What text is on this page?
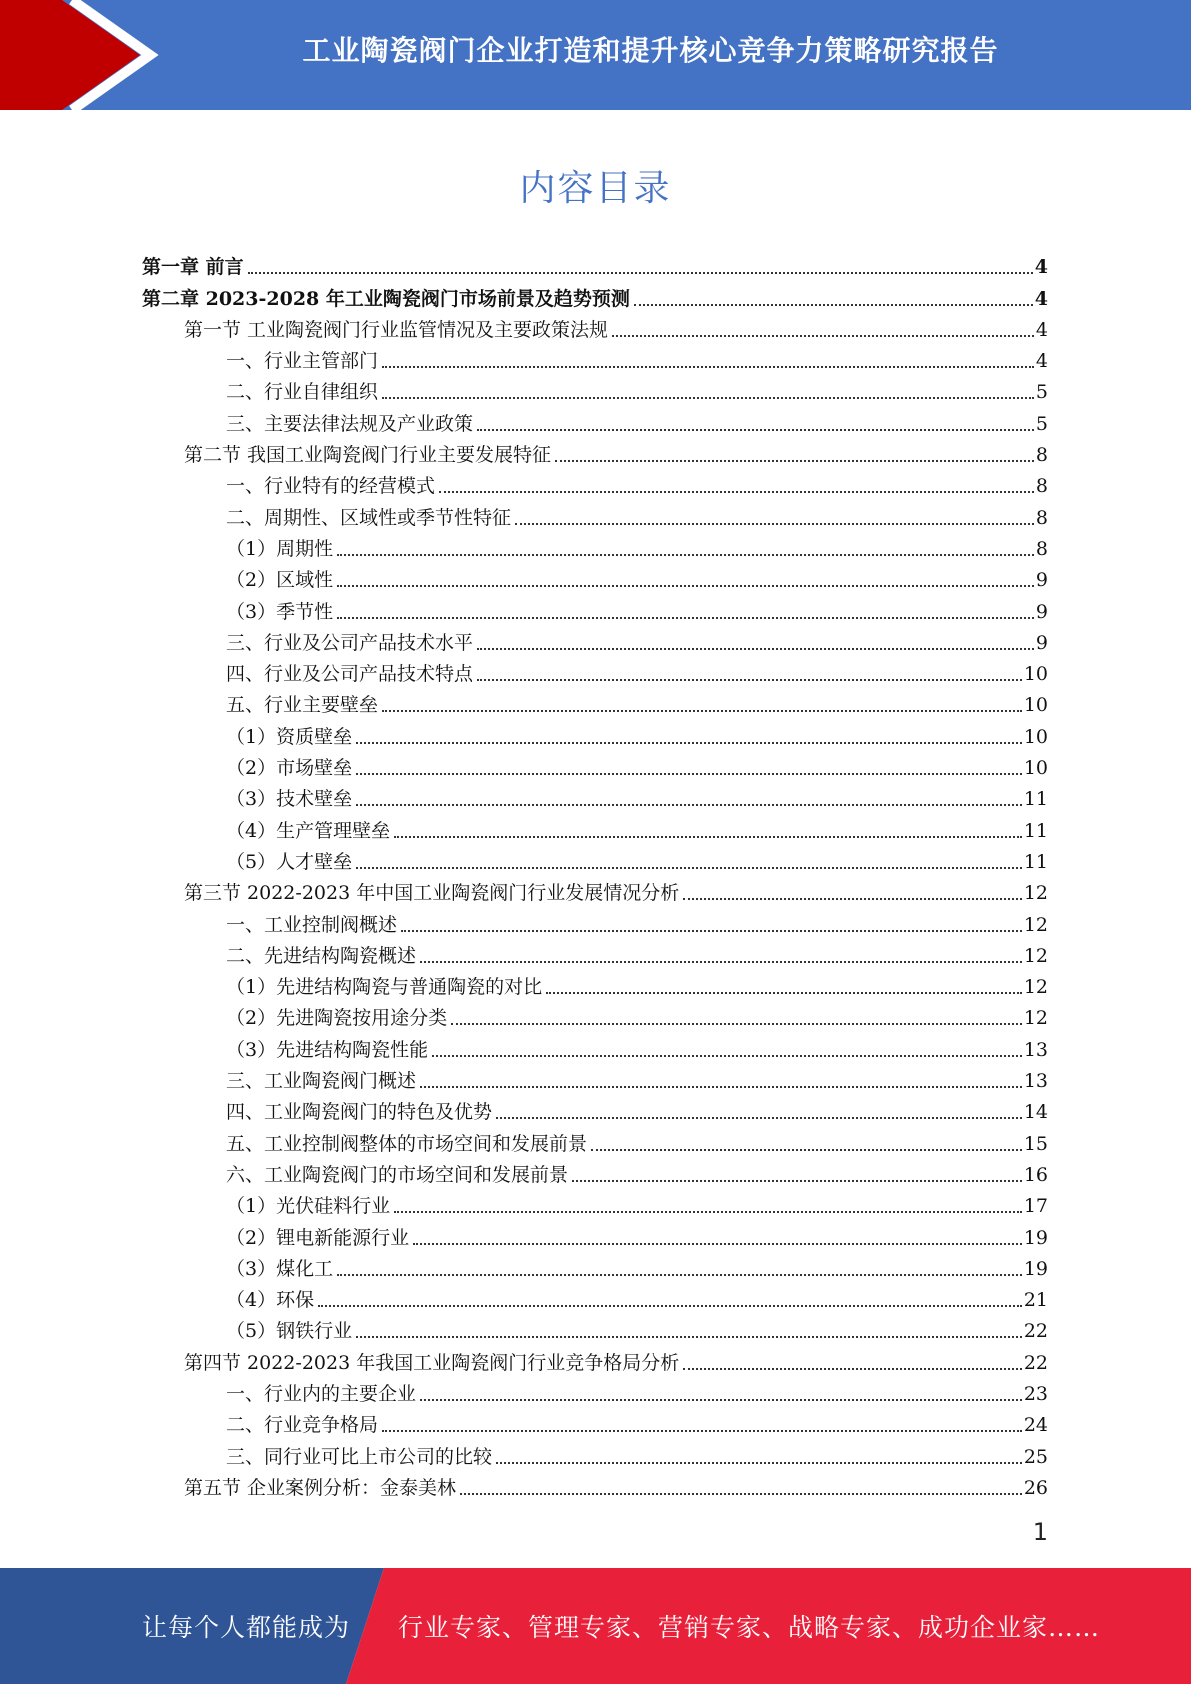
工业陶瓷阀门企业打造和提升核心竞争力策略研究报告
内容目录
第一章 前言	4
第二章 2023-2028 年工业陶瓷阀门市场前景及趋势预测	4
第一节 工业陶瓷阀门行业监管情况及主要政策法规	4
一、行业主管部门	4
二、行业自律组织	5
三、主要法律法规及产业政策	5
第二节 我国工业陶瓷阀门行业主要发展特征	8
一、行业特有的经营模式	8
二、周期性、区域性或季节性特征	8
（1）周期性	8
（2）区域性	9
（3）季节性	9
三、行业及公司产品技术水平	9
四、行业及公司产品技术特点	10
五、行业主要壁垒	10
（1）资质壁垒	10
（2）市场壁垒	10
（3）技术壁垒	11
（4）生产管理壁垒	11
（5）人才壁垒	11
第三节 2022-2023 年中国工业陶瓷阀门行业发展情况分析	12
一、工业控制阀概述	12
二、先进结构陶瓷概述	12
（1）先进结构陶瓷与普通陶瓷的对比	12
（2）先进陶瓷按用途分类	12
（3）先进结构陶瓷性能	13
三、工业陶瓷阀门概述	13
四、工业陶瓷阀门的特色及优势	14
五、工业控制阀整体的市场空间和发展前景	15
六、工业陶瓷阀门的市场空间和发展前景	16
（1）光伏硅料行业	17
（2）锂电新能源行业	19
（3）煤化工	19
（4）环保	21
（5）钢铁行业	22
第四节 2022-2023 年我国工业陶瓷阀门行业竞争格局分析	22
一、行业内的主要企业	23
二、行业竞争格局	24
三、同行业可比上市公司的比较	25
第五节 企业案例分析：金泰美林	26
1
让每个人都能成为 行业专家、管理专家、营销专家、战略专家、成功企业家……
